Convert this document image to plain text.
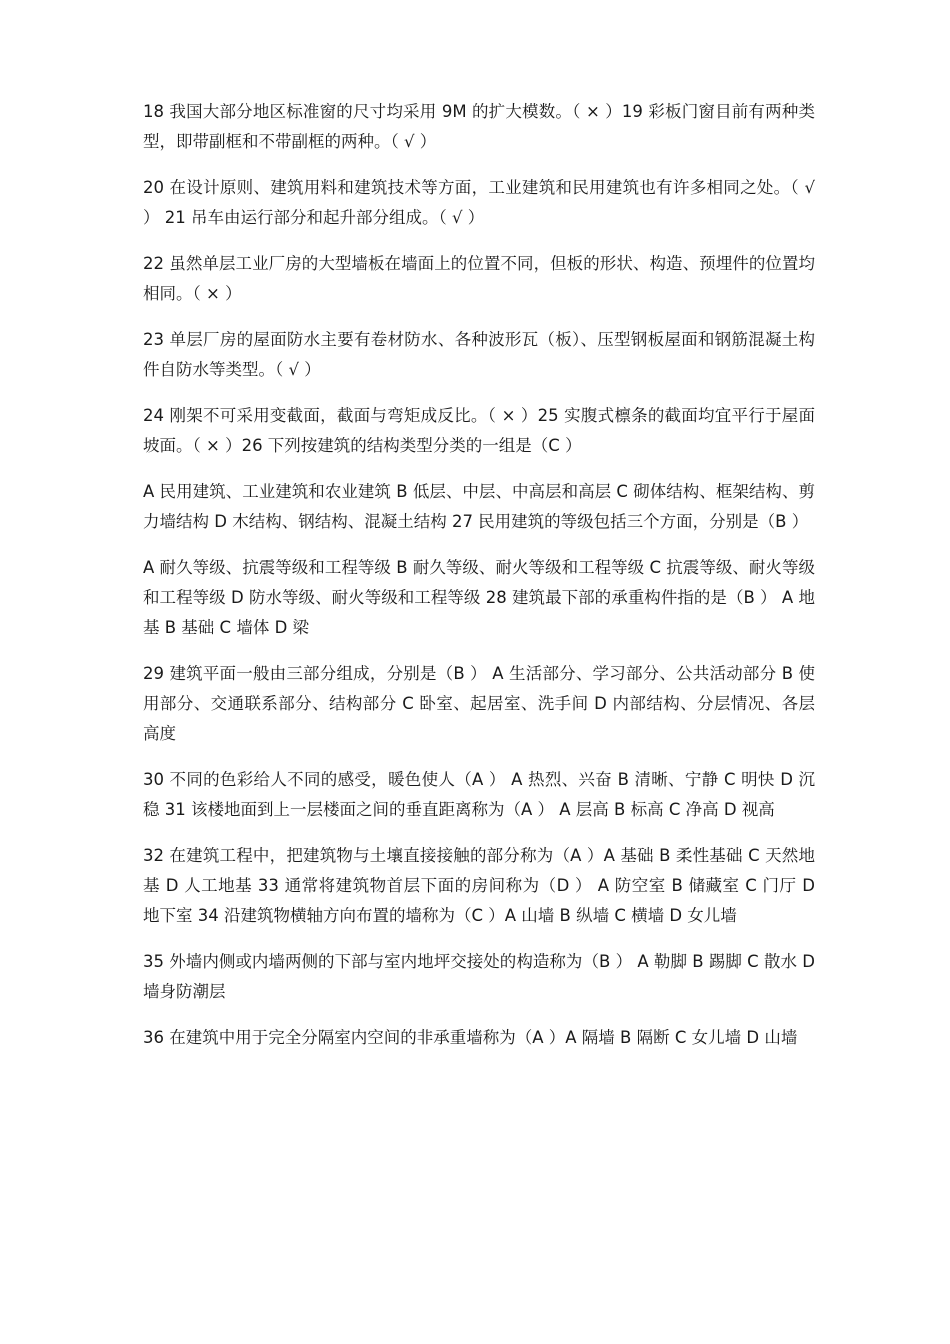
18 我国大部分地区标准窗的尺寸均采用 9M 的扩大模数。（ × ）19 彩板门窗目前有两种类型，即带副框和不带副框的两种。（ √ ）

20 在设计原则、建筑用料和建筑技术等方面，工业建筑和民用建筑也有许多相同之处。（ √ ） 21 吊车由运行部分和起升部分组成。（ √ ）

22 虽然单层工业厂房的大型墙板在墙面上的位置不同，但板的形状、构造、预埋件的位置均相同。（ × ）

23 单层厂房的屋面防水主要有卷材防水、各种波形瓦（板）、压型钢板屋面和钢筋混凝土构件自防水等类型。（ √ ）

24 刚架不可采用变截面，截面与弯矩成反比。（ × ）25 实腹式檩条的截面均宜平行于屋面坡面。（ × ）26 下列按建筑的结构类型分类的一组是（C ）

A 民用建筑、工业建筑和农业建筑 B 低层、中层、中高层和高层 C 砌体结构、框架结构、剪力墙结构 D 木结构、钢结构、混凝土结构 27 民用建筑的等级包括三个方面，分别是（B ）

A 耐久等级、抗震等级和工程等级 B 耐久等级、耐火等级和工程等级 C 抗震等级、耐火等级和工程等级 D 防水等级、耐火等级和工程等级 28 建筑最下部的承重构件指的是（B ） A 地基 B 基础 C 墙体 D 梁

29 建筑平面一般由三部分组成，分别是（B ） A 生活部分、学习部分、公共活动部分 B 使用部分、交通联系部分、结构部分 C 卧室、起居室、洗手间 D 内部结构、分层情况、各层高度

30 不同的色彩给人不同的感受，暖色使人（A ） A 热烈、兴奋 B 清晰、宁静 C 明快 D 沉稳 31 该楼地面到上一层楼面之间的垂直距离称为（A ） A 层高 B 标高 C 净高 D 视高

32 在建筑工程中，把建筑物与土壤直接接触的部分称为（A ）A 基础 B 柔性基础 C 天然地基 D 人工地基 33 通常将建筑物首层下面的房间称为（D ） A 防空室 B 储藏室 C 门厅 D 地下室 34 沿建筑物横轴方向布置的墙称为（C ）A 山墙 B 纵墙 C 横墙 D 女儿墙

35 外墙内侧或内墙两侧的下部与室内地坪交接处的构造称为（B ） A 勒脚 B 踢脚 C 散水 D 墙身防潮层

36 在建筑中用于完全分隔室内空间的非承重墙称为（A ）A 隔墙 B 隔断 C 女儿墙 D 山墙
